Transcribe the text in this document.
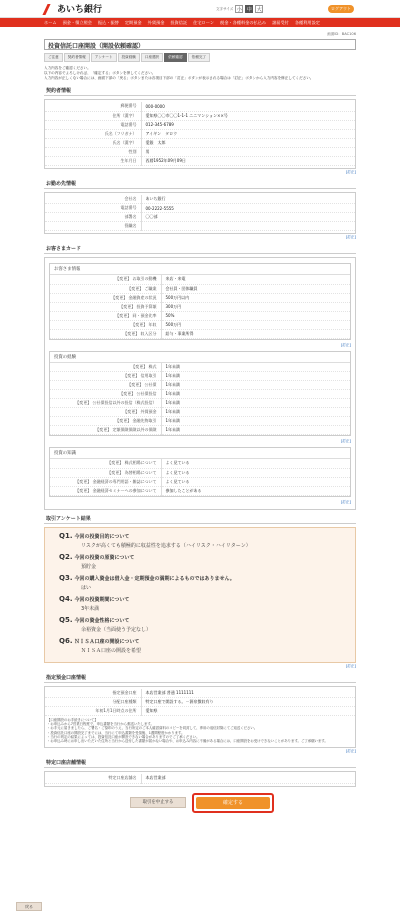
あいち銀行	文字サイズ 小 中 大	ログアウト
ホーム 預金・積立照会 振込・振替 定期預金 外貨預金 投資信託 住宅ローン 税金・各種料金の払込み 諸届受付 各種利用設定
画面ID：BAC106
投資信託口座開設（開設依頼確認）
ご注意	契約者情報	アンケート	投資経験	口座選択	依頼確認	依頼完了
入力内容をご確認ください。
以下の内容でよろしければ、「確定する」ボタンを押してください。
入力内容が正しくない場合には、画面下部の「戻る」ボタンまたは各項目下部の「訂正」ボタンが表示される場合は「訂正」ボタンから入力内容を修正してください。
契約者情報
郵便番号	000-0000
住所（漢字）	愛知県〇〇市〇〇1-1-1 ニニマンション××号
電話番号	012-345-6789
氏名（フリガナ）	アイギン　タロウ
氏名（漢字）	愛銀　太郎
性別	男
生年月日	西暦1952年09月09日
[訂正]
お勤め先情報
会社名	あいち銀行
電話番号	00-2222-5555
部署名	〇〇部
役職名	
[訂正]
お客さまカード
お客さま情報
【変更】 お取引の動機	来店・来電
【変更】 ご職業	会社員・団体職員
【変更】 金融資産の状況	500万円以内
【変更】 投資予算額	300万円
【変更】 同・預金比率	50%
【変更】 年収	500万円
【変更】 収入区分	給与・事業所得
[訂正]
投資の経験
【変更】 株式	1年未満
【変更】 信用取引	1年未満
【変更】 公社債	1年未満
【変更】 公社債投信	1年未満
【変更】 公社債投信以外の投信（株式投信）	1年未満
【変更】 外貨預金	1年未満
【変更】 金融先物取引	1年未満
【変更】 定額保険保険以外の保険	1年未満
[訂正]
投資の知識
【変更】 株式相場について	よく見ている
【変更】 為替相場について	よく見ている
【変更】 金融経済の専門用語・雑誌について	よく見ている
【変更】 金融経済セミナーへの参加について	参加したことがある
[訂正]
取引アンケート結果
Q1. 今回の投資目的について
リスクが高くても積極的に収益性を追求する（ハイリスク・ハイリターン）
Q2. 今回の投資の原資について
預貯金
Q3. 今回の購入資金は借入金・定期預金の満期によるものではありません。
はい
Q4. 今回の投資期間について
3年未満
Q5. 今回の資金性格について
余裕資金（当面使う予定なし）
Q6. ＮＩＳＡ口座の開設について
ＮＩＳＡ口座の開設を希望
[訂正]
指定預金口座情報
指定預金口座	本店営業部 普通 1111111
分配口座種類	特定口座で開設する。－源泉徴収有り
年初1月1日時点の住所	愛知県
【口座開設のお手続きについて】
・お申込みから7営業日程度で、申込書類を当行から郵送いたします。
・お手元に届きましたら、ご署名・ご捺印のうえ、当行所定のご本人確認資料のコピーを同封して、専用の返信封筒にてご返送ください。
・投資信託口座の開設完了までには、当行にて申込書類を受領後、1週間程度かかります。
・当行の判定の結果によっては、投資信託口座が開設できない場合がありますのでご了承ください。
・お申込み時にお申し出いただいた住所と当行から送付した書類が届かない場合や、お申込み内容に不備がある場合には、口座開設をお受けできないことがあります。ご了承願います。
[訂正]
特定口座店舗情報
特定口座店舗名	本店営業部
取引を中止する	確定する
戻る
